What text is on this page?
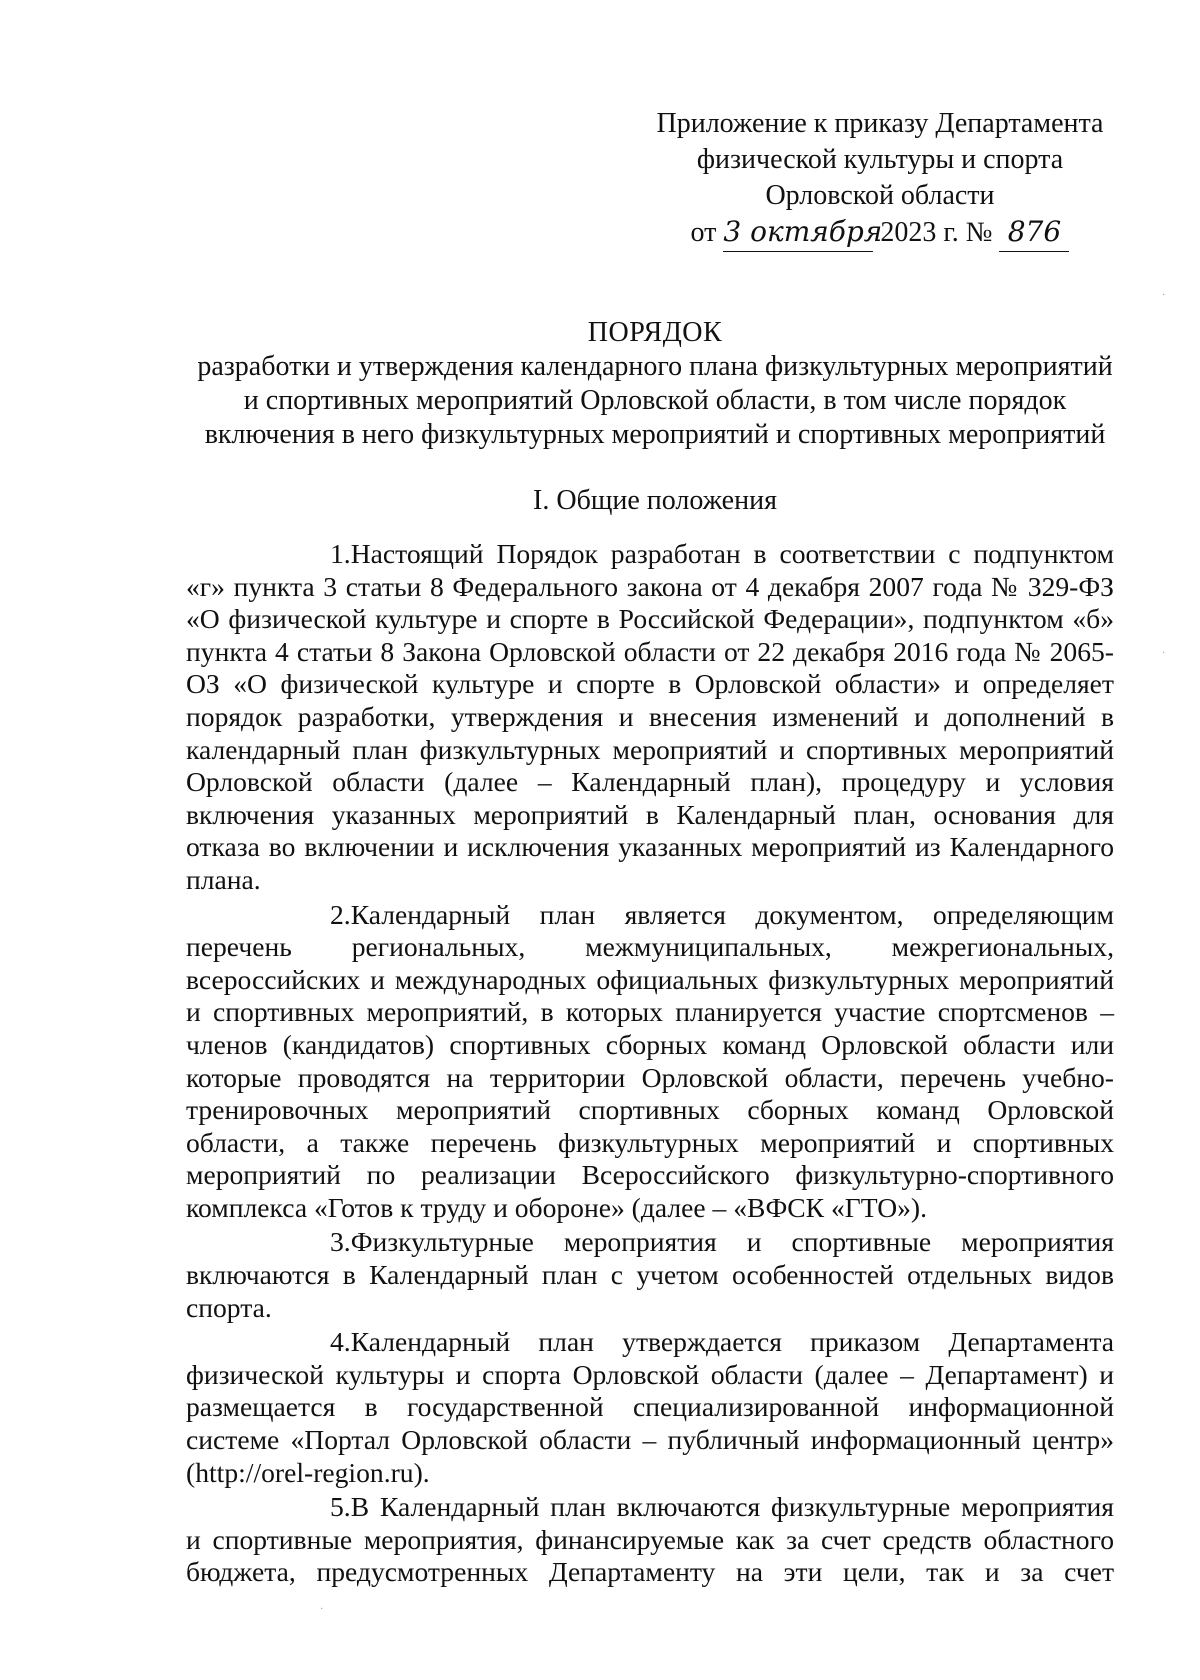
Приложение к приказу Департамента
физической культуры и спорта
Орловской области
от 3 октября 2023 г. № 876
ПОРЯДОК
разработки и утверждения календарного плана физкультурных мероприятий
и спортивных мероприятий Орловской области, в том числе порядок
включения в него физкультурных мероприятий и спортивных мероприятий
I. Общие положения

1.Настоящий Порядок разработан в соответствии с подпунктом «г» пункта 3 статьи 8 Федерального закона от 4 декабря 2007 года № 329-ФЗ «О физической культуре и спорте в Российской Федерации», подпунктом «б» пункта 4 статьи 8 Закона Орловской области от 22 декабря 2016 года № 2065-ОЗ «О физической культуре и спорте в Орловской области» и определяет порядок разработки, утверждения и внесения изменений и дополнений в календарный план физкультурных мероприятий и спортивных мероприятий Орловской области (далее – Календарный план), процедуру и условия включения указанных мероприятий в Календарный план, основания для отказа во включении и исключения указанных мероприятий из Календарного плана.

2.Календарный план является документом, определяющим перечень региональных, межмуниципальных, межрегиональных, всероссийских и международных официальных физкультурных мероприятий и спортивных мероприятий, в которых планируется участие спортсменов – членов (кандидатов) спортивных сборных команд Орловской области или которые проводятся на территории Орловской области, перечень учебно-тренировочных мероприятий спортивных сборных команд Орловской области, а также перечень физкультурных мероприятий и спортивных мероприятий по реализации Всероссийского физкультурно-спортивного комплекса «Готов к труду и обороне» (далее – «ВФСК «ГТО»).

3.Физкультурные мероприятия и спортивные мероприятия включаются в Календарный план с учетом особенностей отдельных видов спорта.

4.Календарный план утверждается приказом Департамента физической культуры и спорта Орловской области (далее – Департамент) и размещается в государственной специализированной информационной системе «Портал Орловской области – публичный информационный центр» (http://orel-region.ru).

5.В Календарный план включаются физкультурные мероприятия и спортивные мероприятия, финансируемые как за счет средств областного бюджета, предусмотренных Департаменту на эти цели, так и за счет

·
·
·
